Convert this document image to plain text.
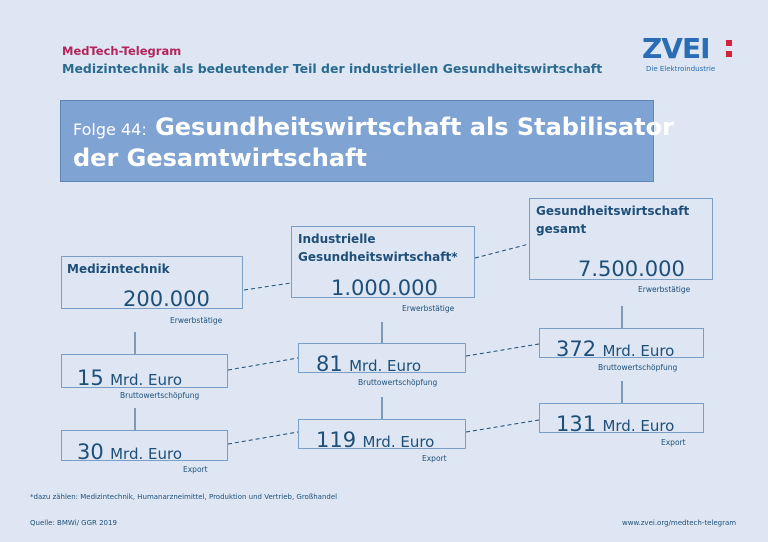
MedTech-Telegram
Medizintechnik als bedeutender Teil der industriellen Gesundheitswirtschaft
ZVEI
Die Elektroindustrie
Folge 44: Gesundheitswirtschaft als Stabilisator
der Gesamtwirtschaft
Medizintechnik
200.000
Erwerbstätige
15 Mrd. Euro
Bruttowertschöpfung
30 Mrd. Euro
Export
Industrielle
Gesundheitswirtschaft*
1.000.000
Erwerbstätige
81 Mrd. Euro
Bruttowertschöpfung
119 Mrd. Euro
Export
Gesundheitswirtschaft
gesamt
7.500.000
Erwerbstätige
372 Mrd. Euro
Bruttowertschöpfung
131 Mrd. Euro
Export
*dazu zählen: Medizintechnik, Humanarzneimittel, Produktion und Vertrieb, Großhandel
Quelle: BMWi/ GGR 2019	www.zvei.org/medtech-telegram
